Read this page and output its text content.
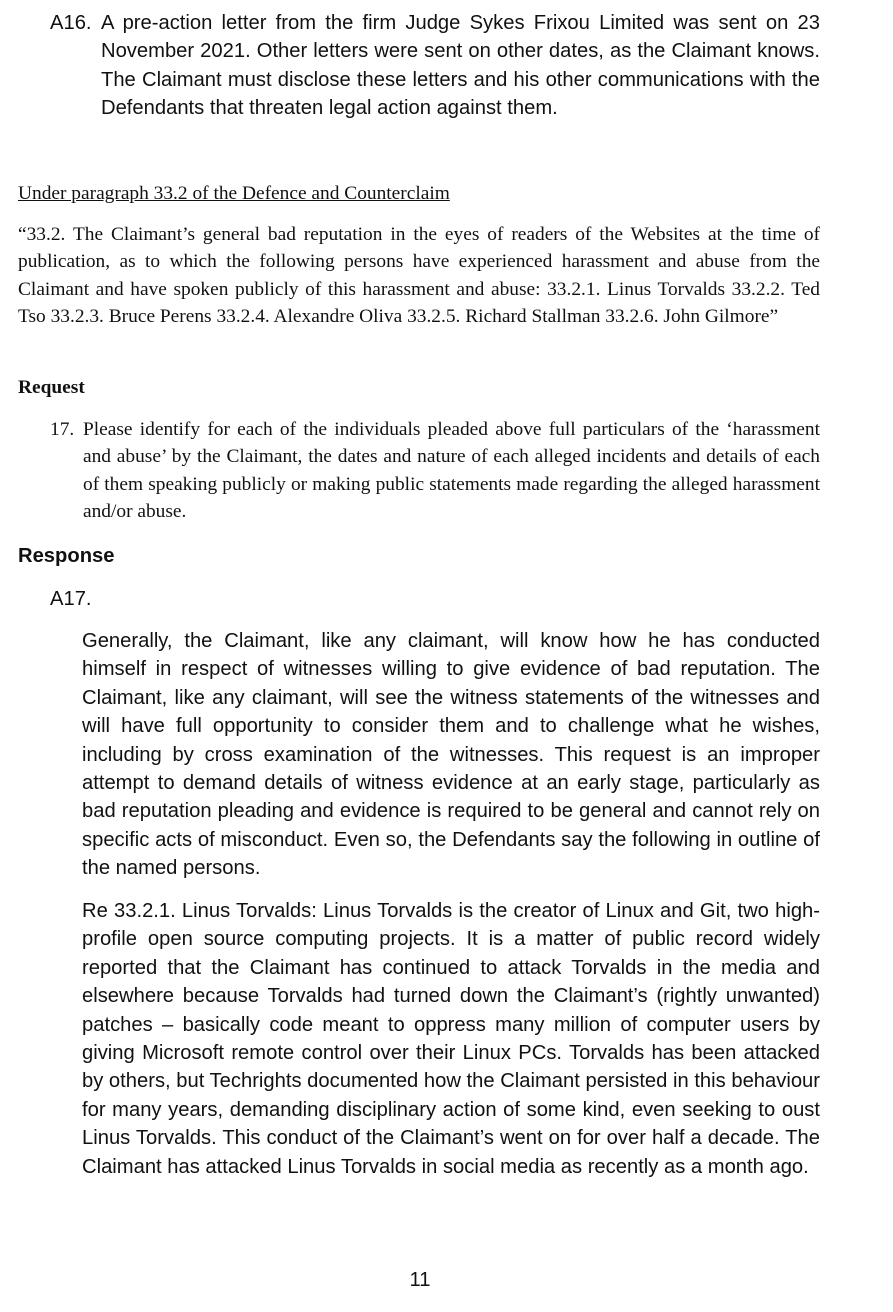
A16. A pre-action letter from the firm Judge Sykes Frixou Limited was sent on 23 November 2021. Other letters were sent on other dates, as the Claimant knows. The Claimant must disclose these letters and his other communications with the Defendants that threaten legal action against them.

Under paragraph 33.2 of the Defence and Counterclaim

“33.2. The Claimant’s general bad reputation in the eyes of readers of the Websites at the time of publication, as to which the following persons have experienced harassment and abuse from the Claimant and have spoken publicly of this harassment and abuse: 33.2.1. Linus Torvalds 33.2.2. Ted Tso 33.2.3. Bruce Perens 33.2.4. Alexandre Oliva 33.2.5. Richard Stallman 33.2.6. John Gilmore”

Request
17. Please identify for each of the individuals pleaded above full particulars of the ‘harassment and abuse’ by the Claimant, the dates and nature of each alleged incidents and details of each of them speaking publicly or making public statements made regarding the alleged harassment and/or abuse.

Response
A17.

Generally, the Claimant, like any claimant, will know how he has conducted himself in respect of witnesses willing to give evidence of bad reputation. The Claimant, like any claimant, will see the witness statements of the witnesses and will have full opportunity to consider them and to challenge what he wishes, including by cross examination of the witnesses. This request is an improper attempt to demand details of witness evidence at an early stage, particularly as bad reputation pleading and evidence is required to be general and cannot rely on specific acts of misconduct. Even so, the Defendants say the following in outline of the named persons.

Re 33.2.1. Linus Torvalds: Linus Torvalds is the creator of Linux and Git, two high-profile open source computing projects. It is a matter of public record widely reported that the Claimant has continued to attack Torvalds in the media and elsewhere because Torvalds had turned down the Claimant’s (rightly unwanted) patches – basically code meant to oppress many million of computer users by giving Microsoft remote control over their Linux PCs. Torvalds has been attacked by others, but Techrights documented how the Claimant persisted in this behaviour for many years, demanding disciplinary action of some kind, even seeking to oust Linus Torvalds. This conduct of the Claimant’s went on for over half a decade. The Claimant has attacked Linus Torvalds in social media as recently as a month ago.

11
